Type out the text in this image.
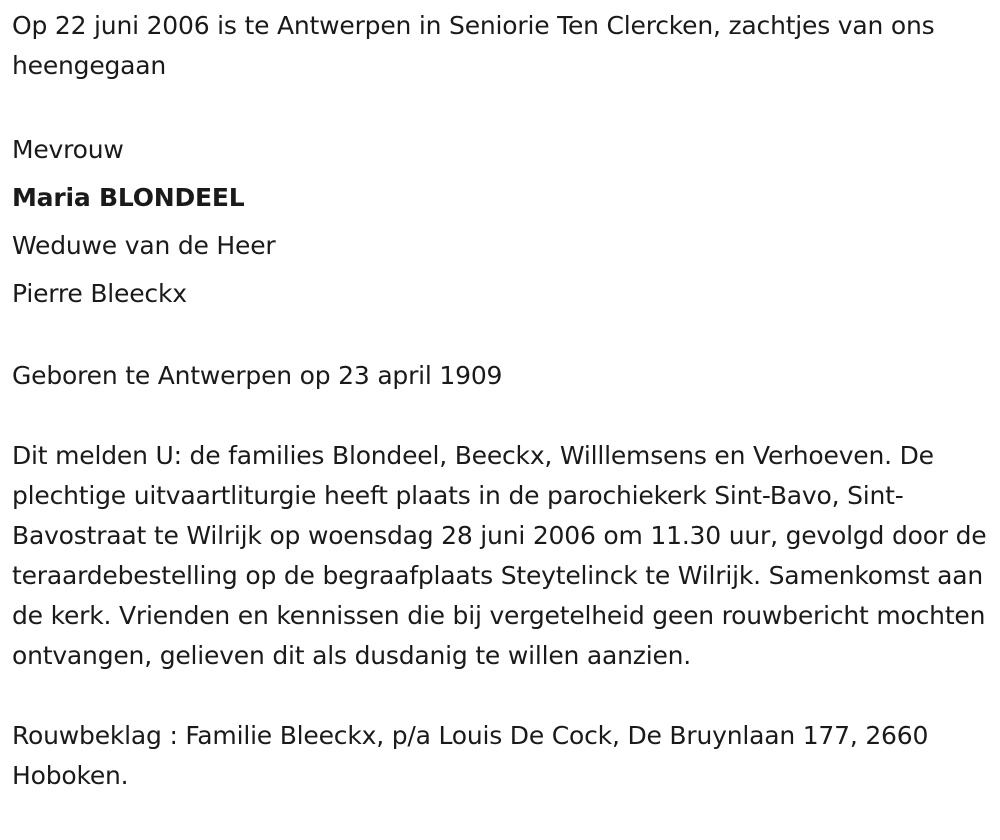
Op 22 juni 2006 is te Antwerpen in Seniorie Ten Clercken, zachtjes van ons heengegaan

Mevrouw

Maria BLONDEEL

Weduwe van de Heer

Pierre Bleeckx

Geboren te Antwerpen op 23 april 1909

Dit melden U: de families Blondeel, Beeckx, Willlemsens en Verhoeven. De plechtige uitvaartliturgie heeft plaats in de parochiekerk Sint-Bavo, Sint-Bavostraat te Wilrijk op woensdag 28 juni 2006 om 11.30 uur, gevolgd door de teraardebestelling op de begraafplaats Steytelinck te Wilrijk. Samenkomst aan de kerk. Vrienden en kennissen die bij vergetelheid geen rouwbericht mochten ontvangen, gelieven dit als dusdanig te willen aanzien.

Rouwbeklag : Familie Bleeckx, p/a Louis De Cock, De Bruynlaan 177, 2660 Hoboken.
